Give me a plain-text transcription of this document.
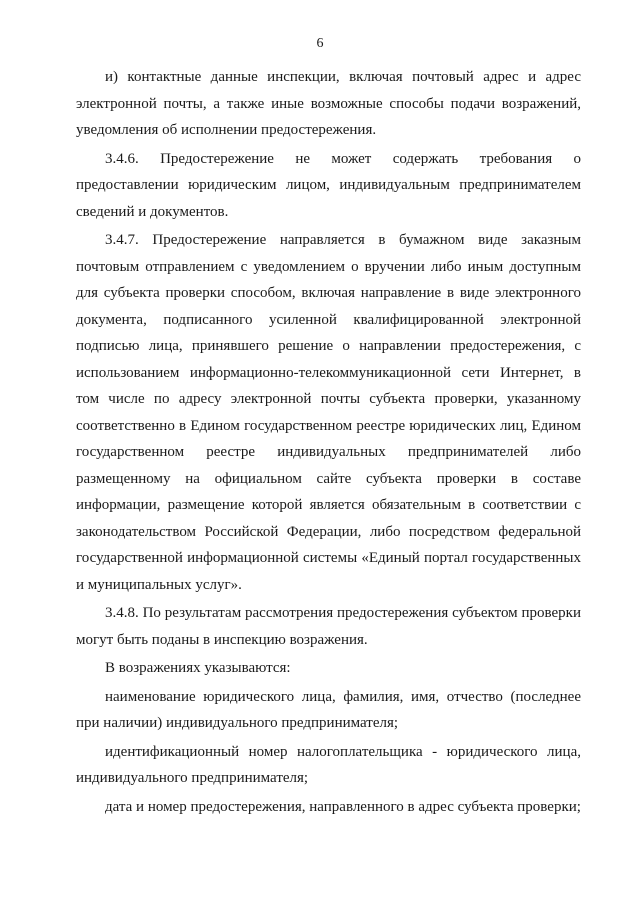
6

и) контактные данные инспекции, включая почтовый адрес и адрес электронной почты, а также иные возможные способы подачи возражений, уведомления об исполнении предостережения.

3.4.6. Предостережение не может содержать требования о предоставлении юридическим лицом, индивидуальным предпринимателем сведений и документов.

3.4.7. Предостережение направляется в бумажном виде заказным почтовым отправлением с уведомлением о вручении либо иным доступным для субъекта проверки способом, включая направление в виде электронного документа, подписанного усиленной квалифицированной электронной подписью лица, принявшего решение о направлении предостережения, с использованием информационно-телекоммуникационной сети Интернет, в том числе по адресу электронной почты субъекта проверки, указанному соответственно в Едином государственном реестре юридических лиц, Едином государственном реестре индивидуальных предпринимателей либо размещенному на официальном сайте субъекта проверки в составе информации, размещение которой является обязательным в соответствии с законодательством Российской Федерации, либо посредством федеральной государственной информационной системы «Единый портал государственных и муниципальных услуг».

3.4.8. По результатам рассмотрения предостережения субъектом проверки могут быть поданы в инспекцию возражения.

В возражениях указываются:

наименование юридического лица, фамилия, имя, отчество (последнее при наличии) индивидуального предпринимателя;

идентификационный номер налогоплательщика - юридического лица, индивидуального предпринимателя;

дата и номер предостережения, направленного в адрес субъекта проверки;
